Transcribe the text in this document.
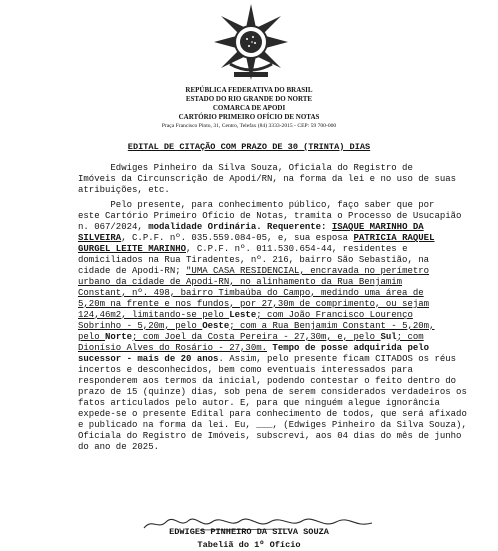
REPÚBLICA FEDERATIVA DO BRASIL
ESTADO DO RIO GRANDE DO NORTE
COMARCA DE APODI
CARTÓRIO PRIMEIRO OFÍCIO DE NOTAS
Praça Francisco Pinto, 31, Centro, Telefax (84) 3333-2015 - CEP: 59 700-000
EDITAL DE CITAÇÃO COM PRAZO DE 30 (TRINTA) DIAS
Edwiges Pinheiro da Silva Souza, Oficiala do Registro de
Imóveis da Circunscrição de Apodi/RN, na forma da lei e no uso de suas
atribuições, etc.
Pelo presente, para conhecimento público, faço saber que por
este Cartório Primeiro Ofício de Notas, tramita o Processo de Usucapião
n. 067/2024, modalidade Ordinária. Requerente: ISAQUE MARINHO DA
SILVEIRA, C.P.F. nº. 035.559.084-05, e, sua esposa PATRICIA RAQUEL
GURGEL LEITE MARINHO, C.P.F. nº. 011.530.654-44, residentes e
domiciliados na Rua Tiradentes, nº. 216, bairro São Sebastião, na
cidade de Apodi-RN; "UMA CASA RESIDENCIAL, encravada no perímetro
urbano da cidade de Apodi-RN, no alinhamento da Rua Benjamim
Constant, nº. 498, bairro Timbaúba do Campo, medindo uma área de
5,20m na frente e nos fundos, por 27,30m de comprimento, ou sejam
124,46m2, limitando-se pelo Leste; com João Francisco Lourenço
Sobrinho - 5,20m, pelo Oeste; com a Rua Benjamim Constant - 5,20m,
pelo Norte; com Joel da Costa Pereira - 27,30m, e, pelo Sul; com
Dionísio Alves do Rosário - 27,30m. Tempo de posse adquirida pelo
sucessor - mais de 20 anos. Assim, pelo presente ficam CITADOS os réus
incertos e desconhecidos, bem como eventuais interessados para
responderem aos termos da inicial, podendo contestar o feito dentro do
prazo de 15 (quinze) dias, sob pena de serem considerados verdadeiros os
fatos articulados pelo autor. E, para que ninguém alegue ignorância
expede-se o presente Edital para conhecimento de todos, que será afixado
e publicado na forma da lei. Eu, ___, (Edwiges Pinheiro da Silva Souza),
Oficiala do Registro de Imóveis, subscrevi, aos 04 dias do mês de junho
do ano de 2025.
EDWIGES PINHEIRO DA SILVA SOUZA
Tabeliã do 1º Ofício
